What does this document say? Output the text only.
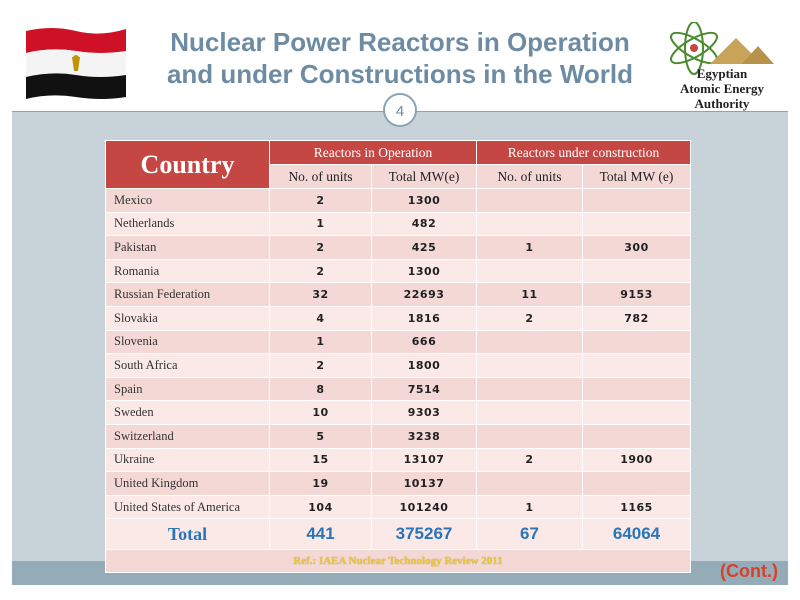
Nuclear Power Reactors in Operation
and under Constructions in the World	Egyptian
Atomic Energy Authority
4
Country	Reactors in Operation		Reactors under construction	
	No. of units	Total MW(e)	No. of units	Total MW (e)
Mexico	2	1300		
Netherlands	1	482		
Pakistan	2	425	1	300
Romania	2	1300		
Russian Federation	32	22693	11	9153
Slovakia	4	1816	2	782
Slovenia	1	666		
South Africa	2	1800		
Spain	8	7514		
Sweden	10	9303		
Switzerland	5	3238		
Ukraine	15	13107	2	1900
United Kingdom	19	10137		
United States of America	104	101240	1	1165
Total	441	375267	67	64064
Ref.: IAEA Nuclear Technology Review 2011					(Cont.)
